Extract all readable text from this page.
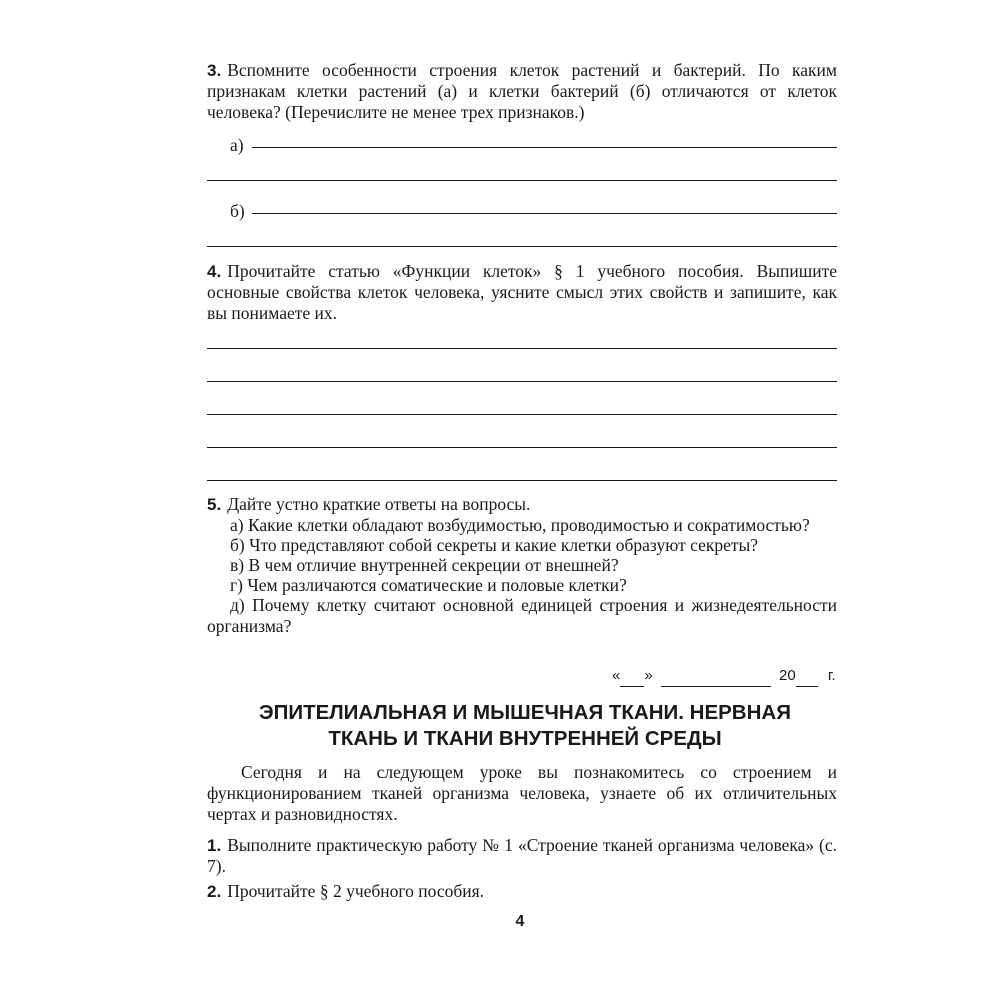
3. Вспомните особенности строения клеток растений и бактерий. По каким признакам клетки растений (а) и клетки бактерий (б) отличаются от клеток человека? (Перечислите не менее трех признаков.)
а)
б)
4. Прочитайте статью «Функции клеток» § 1 учебного пособия. Выпишите основные свойства клеток человека, уясните смысл этих свойств и запишите, как вы понимаете их.
5. Дайте устно краткие ответы на вопросы.
а) Какие клетки обладают возбудимостью, проводимостью и сократимостью?
б) Что представляют собой секреты и какие клетки образуют секреты?
в) В чем отличие внутренней секреции от внешней?
г) Чем различаются соматические и половые клетки?
д) Почему клетку считают основной единицей строения и жизнедеятельности организма?
« »	20 г.
ЭПИТЕЛИАЛЬНАЯ И МЫШЕЧНАЯ ТКАНИ. НЕРВНАЯ
ТКАНЬ И ТКАНИ ВНУТРЕННЕЙ СРЕДЫ
Сегодня и на следующем уроке вы познакомитесь со строением и функционированием тканей организма человека, узнаете об их отличительных чертах и разновидностях.
1. Выполните практическую работу № 1 «Строение тканей организма человека» (с. 7).
2. Прочитайте § 2 учебного пособия.
4
